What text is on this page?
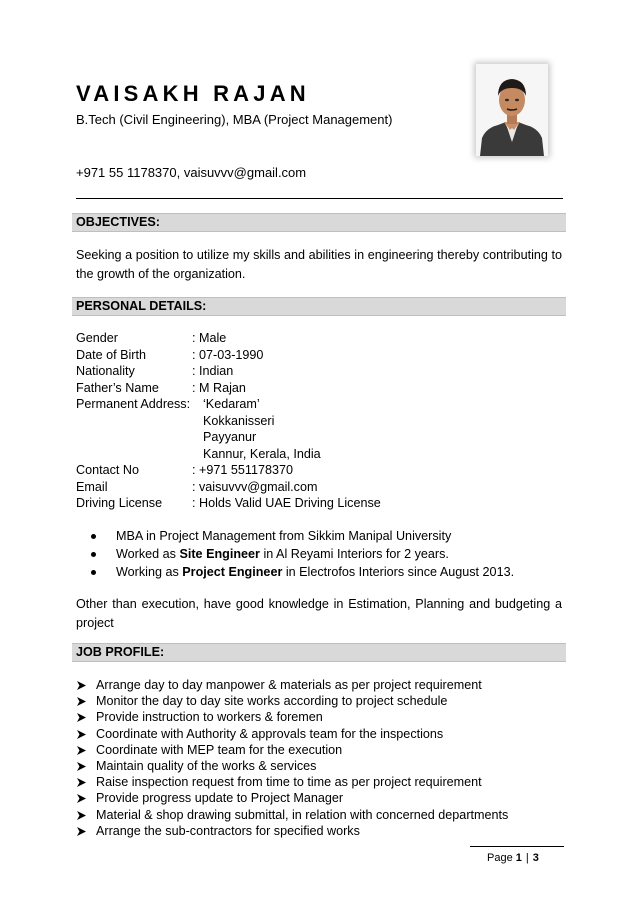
VAISAKH RAJAN
B.Tech (Civil Engineering), MBA (Project Management)
+971 55 1178370, vaisuvvv@gmail.com
OBJECTIVES:
Seeking a position to utilize my skills and abilities in engineering thereby contributing to the growth of the organization.
PERSONAL DETAILS:
Gender	: Male
Date of Birth	: 07-03-1990
Nationality	: Indian
Father’s Name	: M Rajan
Permanent Address: ‘Kedaram’
Kokkanisseri
Payyanur
Kannur, Kerala, India
Contact No	: +971 551178370
Email	: vaisuvvv@gmail.com
Driving License : Holds Valid UAE Driving License
MBA in Project Management from Sikkim Manipal University
Worked as Site Engineer in Al Reyami Interiors for 2 years.
Working as Project Engineer in Electrofos Interiors since August 2013.
Other than execution, have good knowledge in Estimation, Planning and budgeting a project
JOB PROFILE:
Arrange day to day manpower & materials as per project requirement
Monitor the day to day site works according to project schedule
Provide instruction to workers & foremen
Coordinate with Authority & approvals team for the inspections
Coordinate with MEP team for the execution
Maintain quality of the works & services
Raise inspection request from time to time as per project requirement
Provide progress update to Project Manager
Material & shop drawing submittal, in relation with concerned departments
Arrange the sub-contractors for specified works
Page 1 | 3
